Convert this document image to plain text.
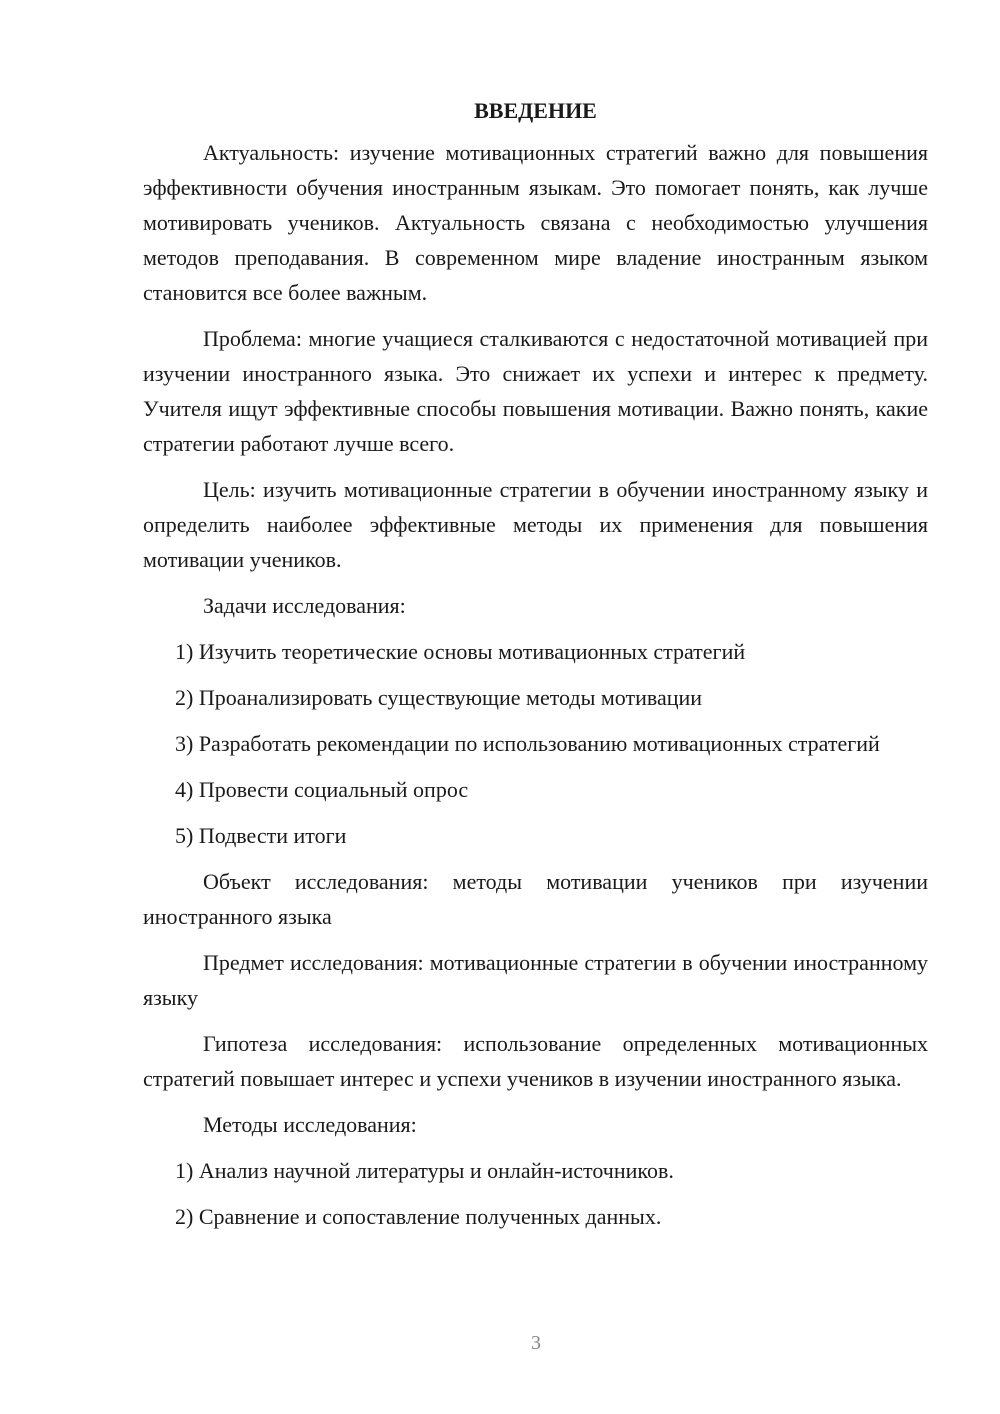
ВВЕДЕНИЕ

Актуальность: изучение мотивационных стратегий важно для повышения эффективности обучения иностранным языкам. Это помогает понять, как лучше мотивировать учеников. Актуальность связана с необходимостью улучшения методов преподавания. В современном мире владение иностранным языком становится все более важным.

Проблема: многие учащиеся сталкиваются с недостаточной мотивацией при изучении иностранного языка. Это снижает их успехи и интерес к предмету. Учителя ищут эффективные способы повышения мотивации. Важно понять, какие стратегии работают лучше всего.

Цель: изучить мотивационные стратегии в обучении иностранному языку и определить наиболее эффективные методы их применения для повышения мотивации учеников.

Задачи исследования:

1) Изучить теоретические основы мотивационных стратегий

2) Проанализировать существующие методы мотивации

3) Разработать рекомендации по использованию мотивационных стратегий

4) Провести социальный опрос

5) Подвести итоги

Объект исследования: методы мотивации учеников при изучении иностранного языка

Предмет исследования: мотивационные стратегии в обучении иностранному языку

Гипотеза исследования: использование определенных мотивационных стратегий повышает интерес и успехи учеников в изучении иностранного языка.

Методы исследования:

1) Анализ научной литературы и онлайн-источников.

2) Сравнение и сопоставление полученных данных.

3
